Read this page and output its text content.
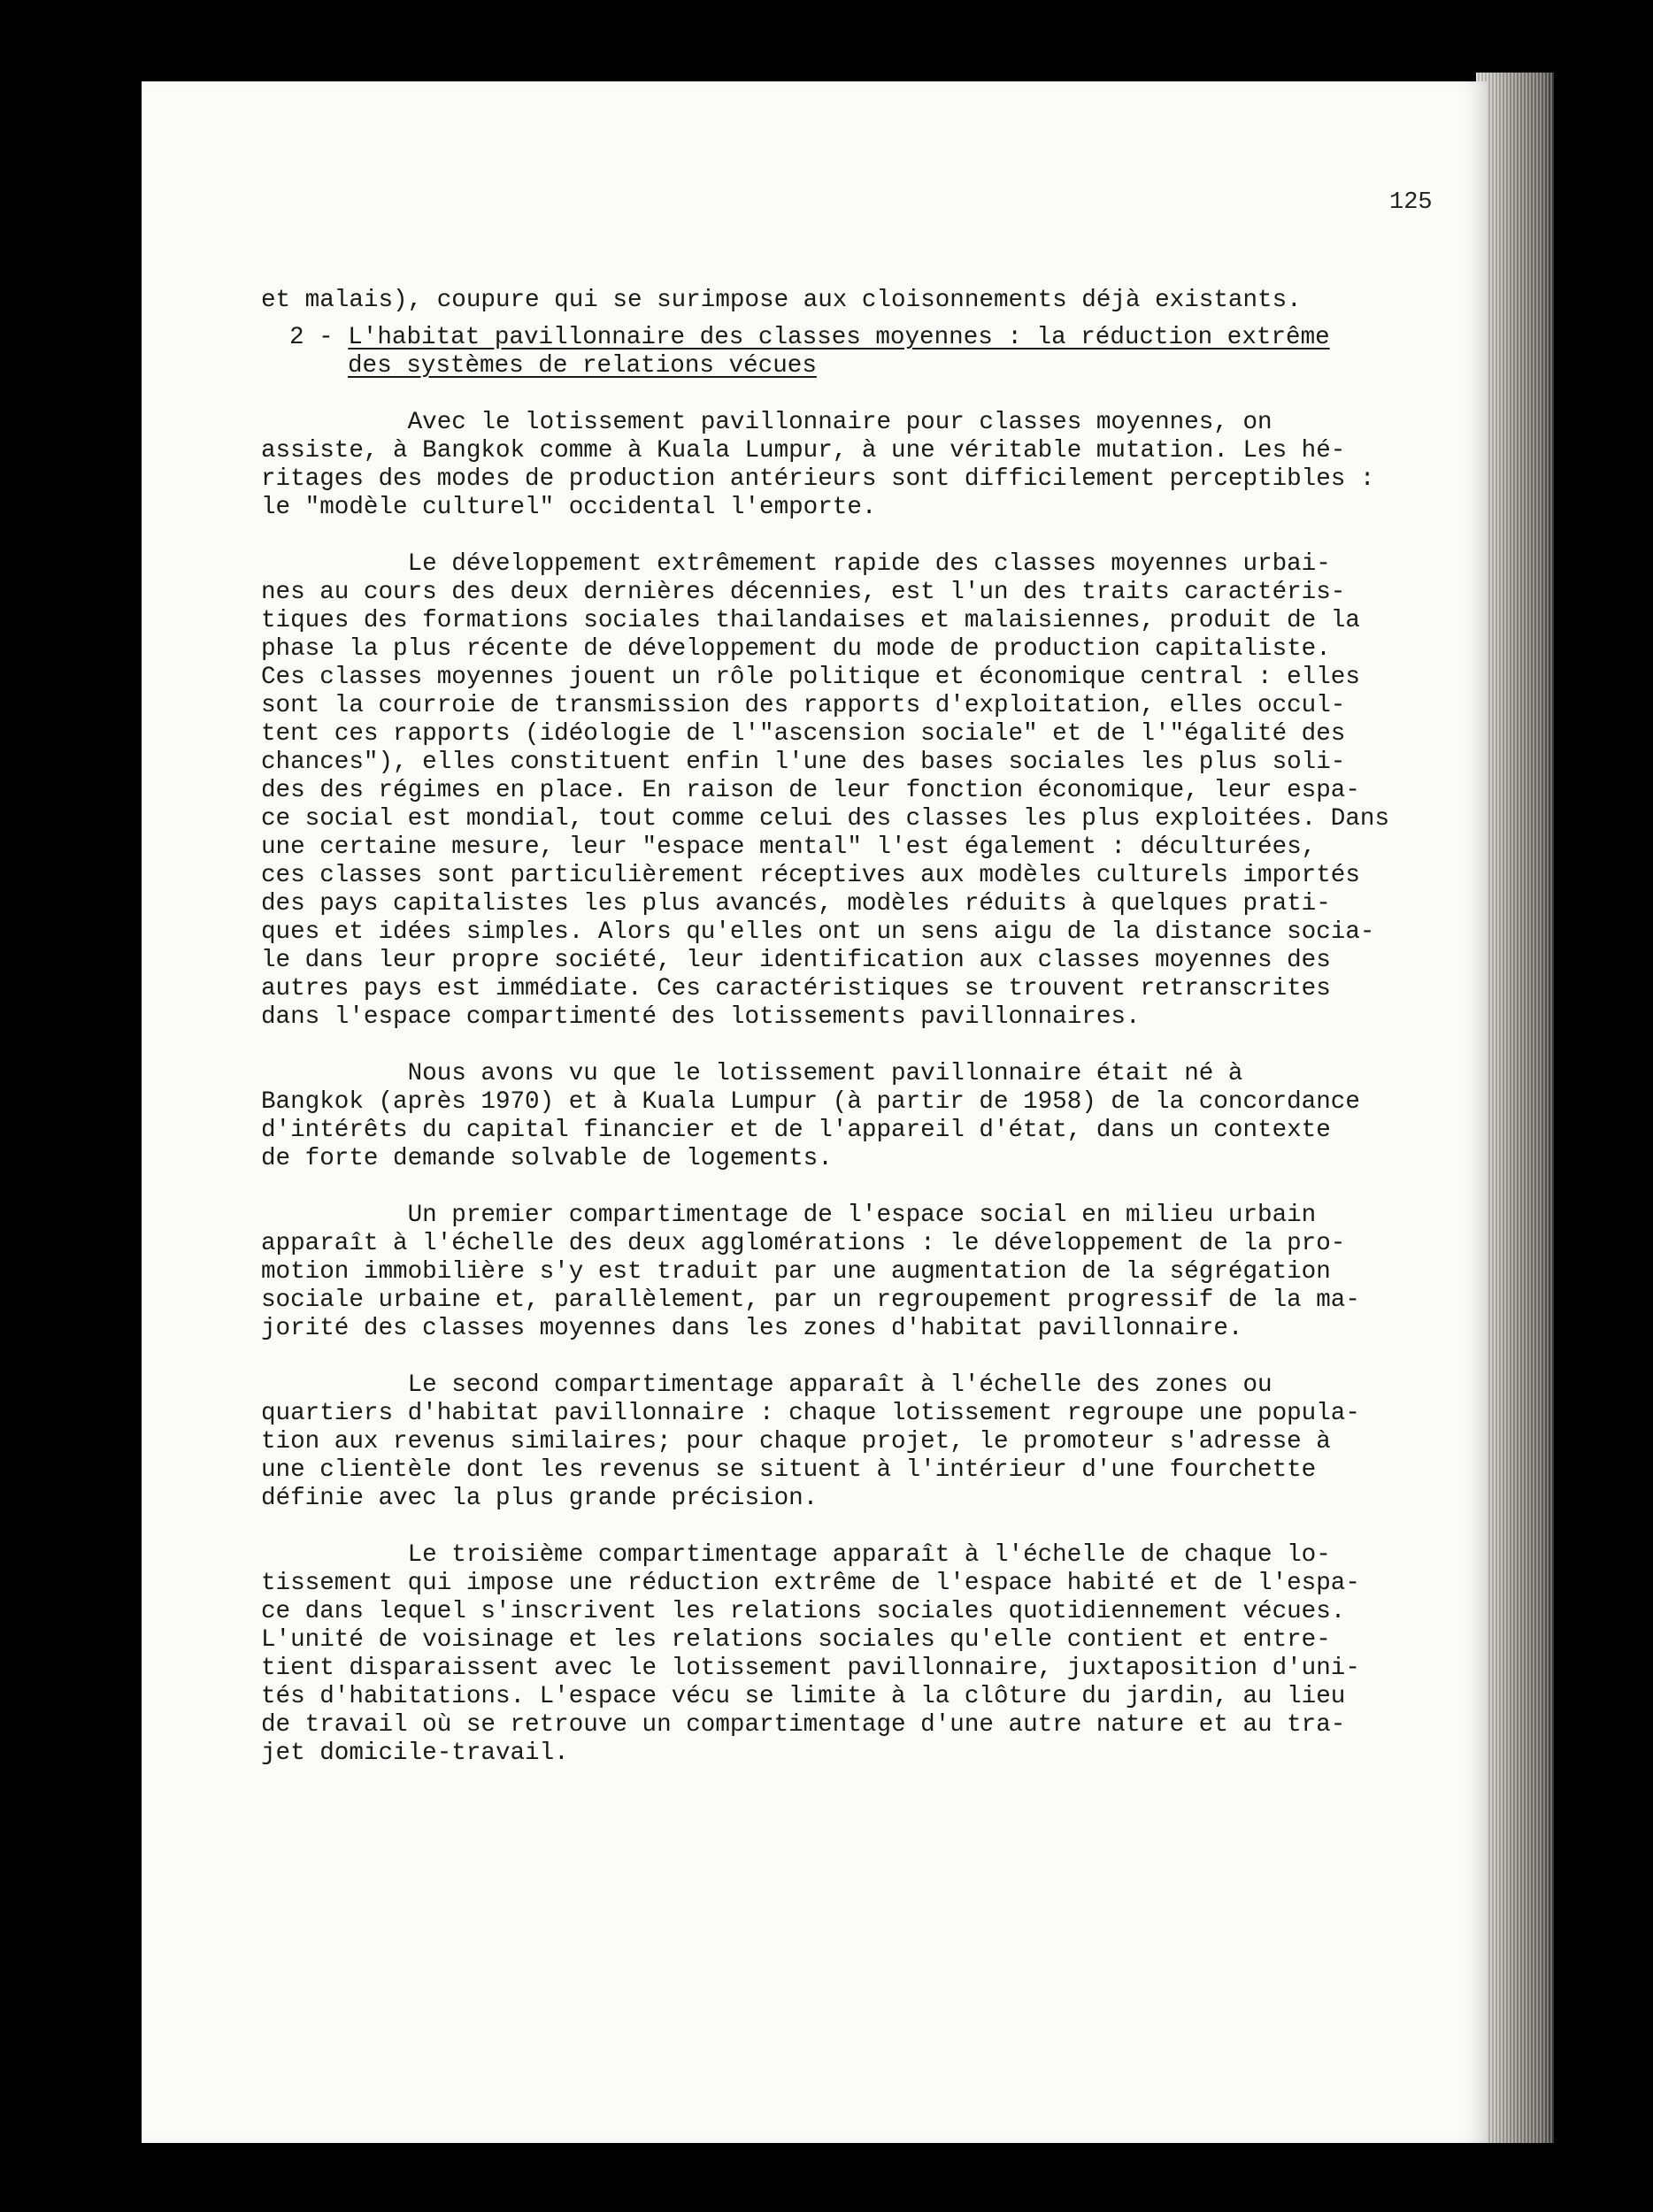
125
et malais), coupure qui se surimpose aux cloisonnements déjà existants.
2 - L'habitat pavillonnaire des classes moyennes : la réduction extrême
des systèmes de relations vécues
Avec le lotissement pavillonnaire pour classes moyennes, on
assiste, à Bangkok comme à Kuala Lumpur, à une véritable mutation. Les hé-
ritages des modes de production antérieurs sont difficilement perceptibles :
le "modèle culturel" occidental l'emporte.
Le développement extrêmement rapide des classes moyennes urbai-
nes au cours des deux dernières décennies, est l'un des traits caractéris-
tiques des formations sociales thailandaises et malaisiennes, produit de la
phase la plus récente de développement du mode de production capitaliste.
Ces classes moyennes jouent un rôle politique et économique central : elles
sont la courroie de transmission des rapports d'exploitation, elles occul-
tent ces rapports (idéologie de l'"ascension sociale" et de l'"égalité des
chances"), elles constituent enfin l'une des bases sociales les plus soli-
des des régimes en place. En raison de leur fonction économique, leur espa-
ce social est mondial, tout comme celui des classes les plus exploitées. Dans
une certaine mesure, leur "espace mental" l'est également : déculturées,
ces classes sont particulièrement réceptives aux modèles culturels importés
des pays capitalistes les plus avancés, modèles réduits à quelques prati-
ques et idées simples. Alors qu'elles ont un sens aigu de la distance socia-
le dans leur propre société, leur identification aux classes moyennes des
autres pays est immédiate. Ces caractéristiques se trouvent retranscrites
dans l'espace compartimenté des lotissements pavillonnaires.
Nous avons vu que le lotissement pavillonnaire était né à
Bangkok (après 1970) et à Kuala Lumpur (à partir de 1958) de la concordance
d'intérêts du capital financier et de l'appareil d'état, dans un contexte
de forte demande solvable de logements.
Un premier compartimentage de l'espace social en milieu urbain
apparaît à l'échelle des deux agglomérations : le développement de la pro-
motion immobilière s'y est traduit par une augmentation de la ségrégation
sociale urbaine et, parallèlement, par un regroupement progressif de la ma-
jorité des classes moyennes dans les zones d'habitat pavillonnaire.
Le second compartimentage apparaît à l'échelle des zones ou
quartiers d'habitat pavillonnaire : chaque lotissement regroupe une popula-
tion aux revenus similaires; pour chaque projet, le promoteur s'adresse à
une clientèle dont les revenus se situent à l'intérieur d'une fourchette
définie avec la plus grande précision.
Le troisième compartimentage apparaît à l'échelle de chaque lo-
tissement qui impose une réduction extrême de l'espace habité et de l'espa-
ce dans lequel s'inscrivent les relations sociales quotidiennement vécues.
L'unité de voisinage et les relations sociales qu'elle contient et entre-
tient disparaissent avec le lotissement pavillonnaire, juxtaposition d'uni-
tés d'habitations. L'espace vécu se limite à la clôture du jardin, au lieu
de travail où se retrouve un compartimentage d'une autre nature et au tra-
jet domicile-travail.
